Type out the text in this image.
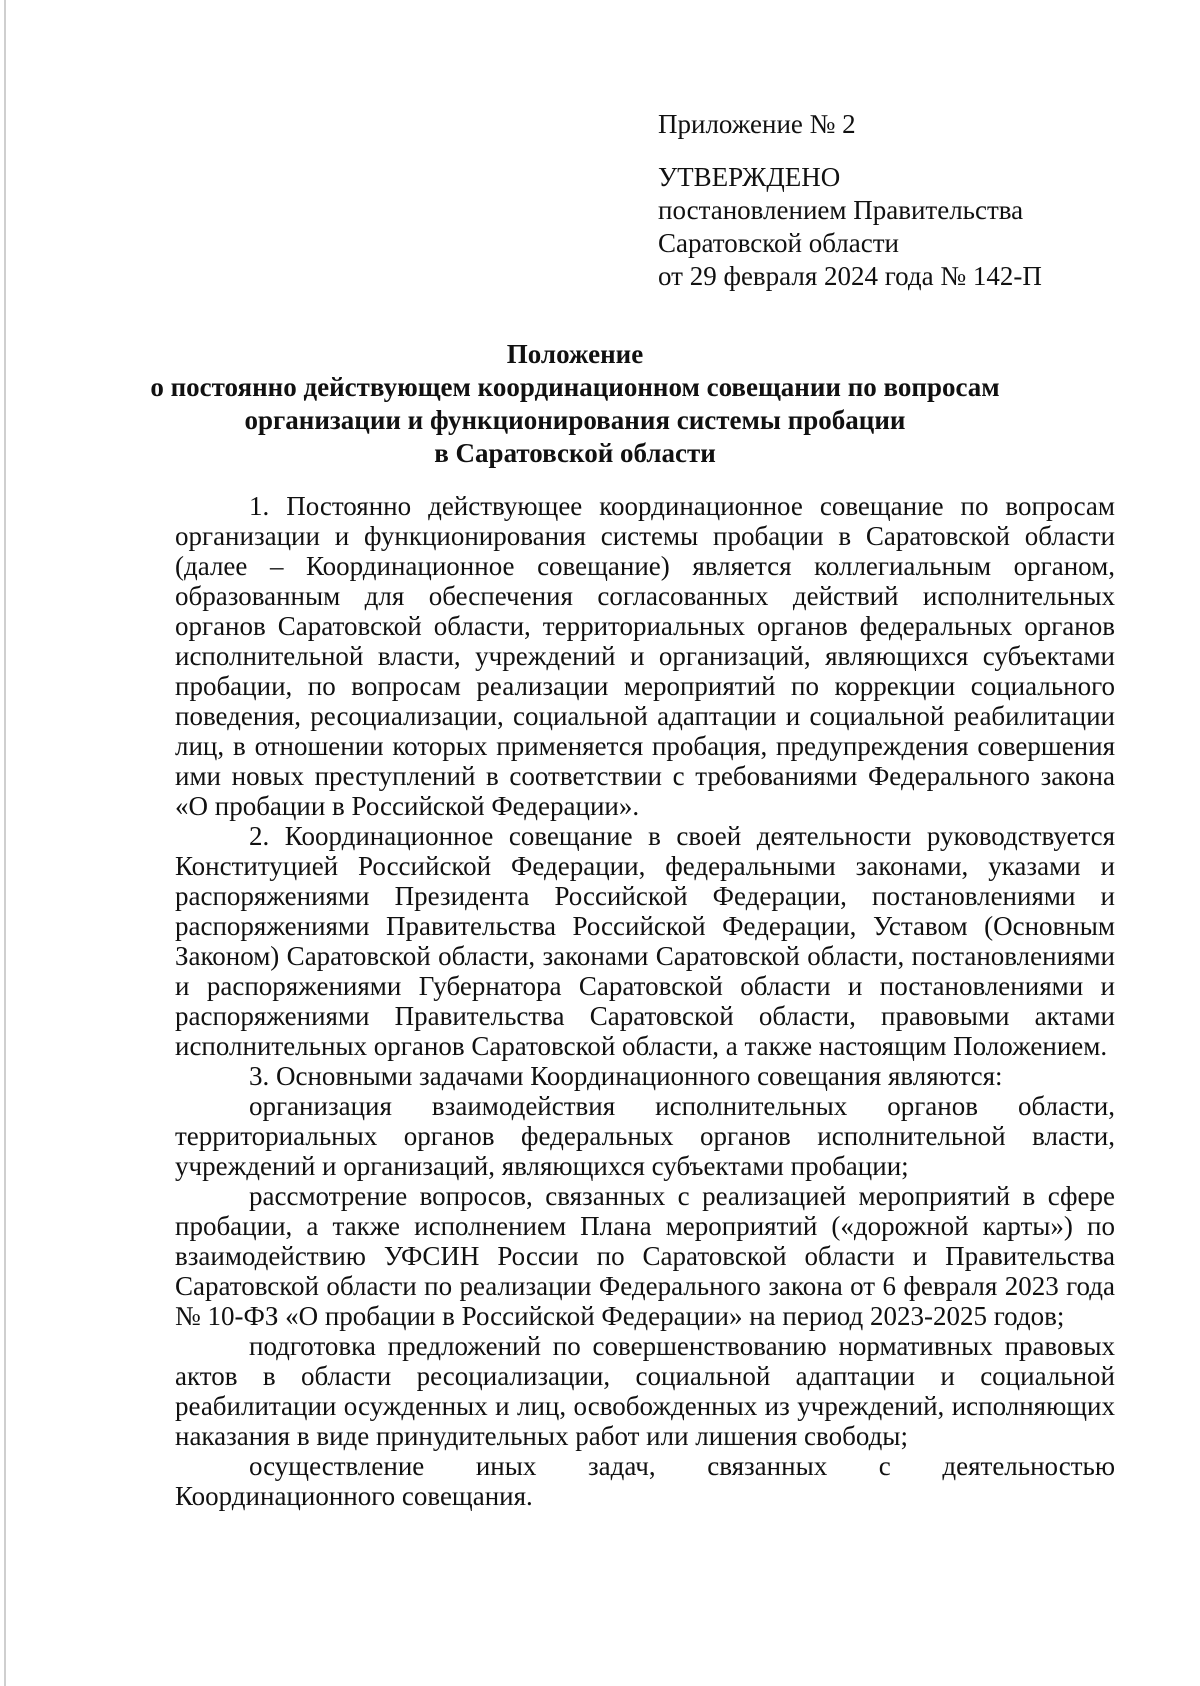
Приложение № 2
УТВЕРЖДЕНО
постановлением Правительства
Саратовской области
от 29 февраля 2024 года № 142-П
Положение
о постоянно действующем координационном совещании по вопросам
организации и функционирования системы пробации
в Саратовской области

1. Постоянно действующее координационное совещание по вопросам организации и функционирования системы пробации в Саратовской области (далее – Координационное совещание) является коллегиальным органом, образованным для обеспечения согласованных действий исполнительных органов Саратовской области, территориальных органов федеральных органов исполнительной власти, учреждений и организаций, являющихся субъектами пробации, по вопросам реализации мероприятий по коррекции социального поведения, ресоциализации, социальной адаптации и социальной реабилитации лиц, в отношении которых применяется пробация, предупреждения совершения ими новых преступлений в соответствии с требованиями Федерального закона «О пробации в Российской Федерации».

2. Координационное совещание в своей деятельности руководствуется Конституцией Российской Федерации, федеральными законами, указами и распоряжениями Президента Российской Федерации, постановлениями и распоряжениями Правительства Российской Федерации, Уставом (Основным Законом) Саратовской области, законами Саратовской области, постановлениями и распоряжениями Губернатора Саратовской области и постановлениями и распоряжениями Правительства Саратовской области, правовыми актами исполнительных органов Саратовской области, а также настоящим Положением.

3. Основными задачами Координационного совещания являются:

организация взаимодействия исполнительных органов области, территориальных органов федеральных органов исполнительной власти, учреждений и организаций, являющихся субъектами пробации;

рассмотрение вопросов, связанных с реализацией мероприятий в сфере пробации, а также исполнением Плана мероприятий («дорожной карты») по взаимодействию УФСИН России по Саратовской области и Правительства Саратовской области по реализации Федерального закона от 6 февраля 2023 года № 10-ФЗ «О пробации в Российской Федерации» на период 2023-2025 годов;

подготовка предложений по совершенствованию нормативных правовых актов в области ресоциализации, социальной адаптации и социальной реабилитации осужденных и лиц, освобожденных из учреждений, исполняющих наказания в виде принудительных работ или лишения свободы;

осуществление иных задач, связанных с деятельностью Координационного совещания.
